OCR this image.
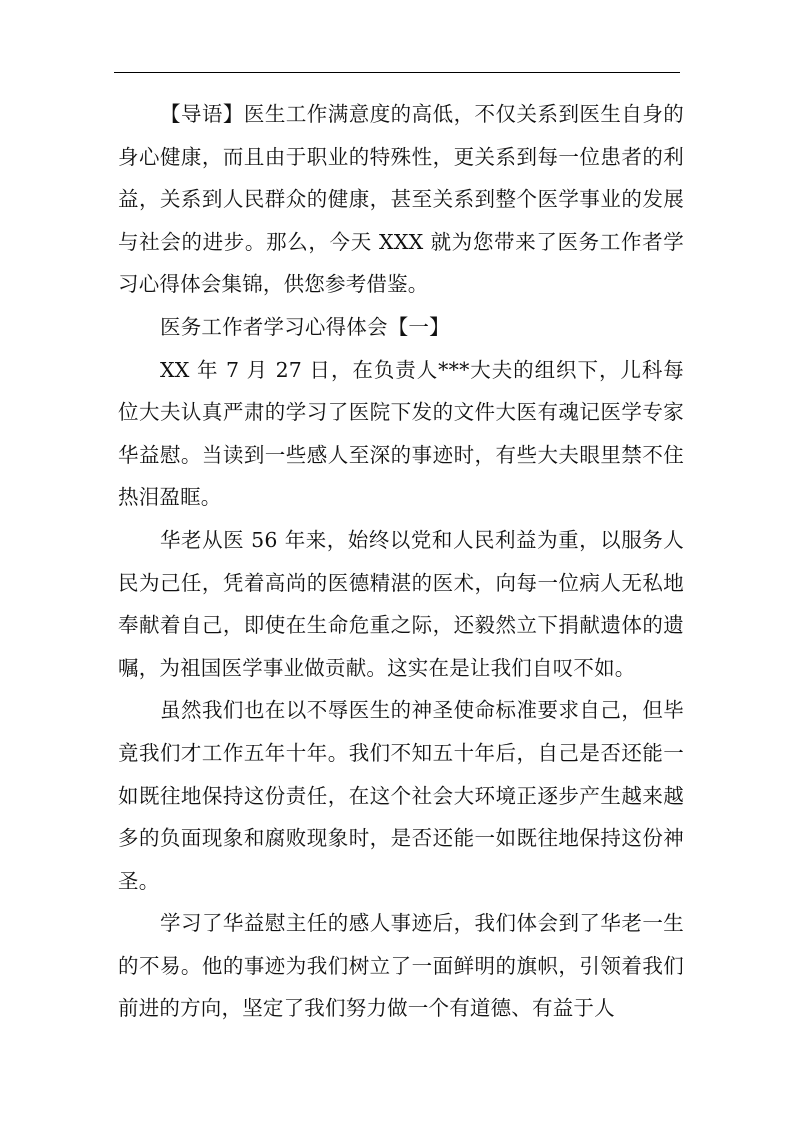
【导语】医生工作满意度的高低，不仅关系到医生自身的身心健康，而且由于职业的特殊性，更关系到每一位患者的利益，关系到人民群众的健康，甚至关系到整个医学事业的发展与社会的进步。那么，今天 XXX 就为您带来了医务工作者学习心得体会集锦，供您参考借鉴。

医务工作者学习心得体会【一】

XX 年 7 月 27 日，在负责人***大夫的组织下，儿科每位大夫认真严肃的学习了医院下发的文件大医有魂记医学专家华益慰。当读到一些感人至深的事迹时，有些大夫眼里禁不住热泪盈眶。

华老从医 56 年来，始终以党和人民利益为重，以服务人民为己任，凭着高尚的医德精湛的医术，向每一位病人无私地奉献着自己，即使在生命危重之际，还毅然立下捐献遗体的遗嘱，为祖国医学事业做贡献。这实在是让我们自叹不如。

虽然我们也在以不辱医生的神圣使命标准要求自己，但毕竟我们才工作五年十年。我们不知五十年后，自己是否还能一如既往地保持这份责任，在这个社会大环境正逐步产生越来越多的负面现象和腐败现象时，是否还能一如既往地保持这份神圣。

学习了华益慰主任的感人事迹后，我们体会到了华老一生的不易。他的事迹为我们树立了一面鲜明的旗帜，引领着我们前进的方向，坚定了我们努力做一个有道德、有益于人
